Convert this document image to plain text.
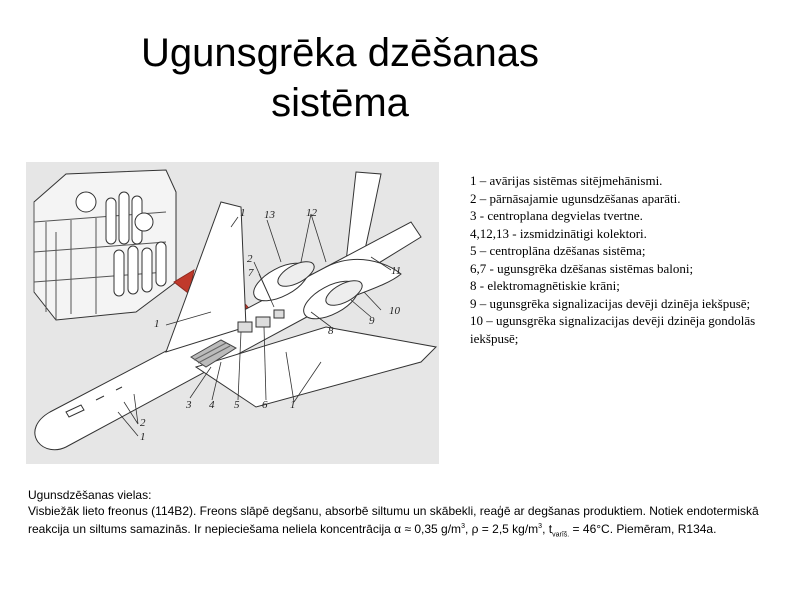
Ugunsgrēka dzēšanas
sistēma
1 13	12
11
2
7
8
9
10
1
3 4 5 6 1
2
1
1 – avārijas sistēmas sitējmehānismi.
2 – pārnāsajamie ugunsdzēšanas aparāti.
3 - centroplana degvielas tvertne.
4,12,13 - izsmidzinātigi kolektori.
5 – centroplāna dzēšanas sistēma;
6,7 - ugunsgrēka dzēšanas sistēmas baloni;
8 - elektromagnētiskie krāni;
9 – ugunsgrēka signalizacijas devēji dzinēja iekšpusē;
10 – ugunsgrēka signalizacijas devēji dzinēja gondolās iekšpusē;
Ugunsdzēšanas vielas:
Visbiežāk lieto freonus (114B2). Freons slāpē degšanu, absorbē siltumu un skābekli, reaģē ar degšanas produktiem. Notiek endotermiskā reakcija un siltums samazinās. Ir nepieciešama neliela koncentrācija α ≈ 0,35 $g/m^3$, ρ = 2,5 $kg/m^3$, $t_{varīš.} = 46^\circ C$. Piemēram, R134a.
